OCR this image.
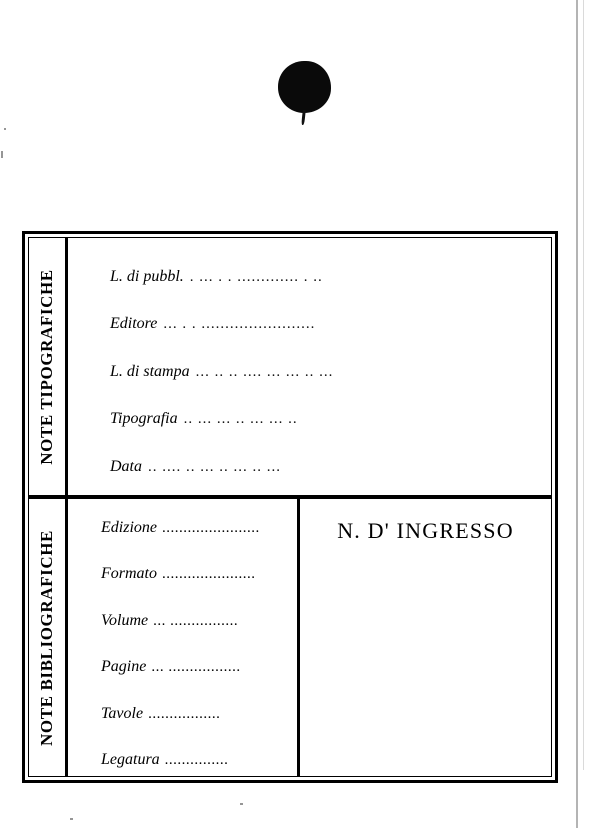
NOTE TIPOGRAFICHE
NOTE BIBLIOGRAFICHE
L. di pubbl. . ... . . ............. . ..
Editore ... . . ........................
L. di stampa ... .. .. .... ... ... .. ...
Tipografia .. ... ... .. ... ... ..
Data .. .... .. ... .. ... .. ...
Edizione .......................
Formato ......................
Volume ... ................
Pagine ... .................
Tavole .................
Legatura ...............
N. D' INGRESSO
